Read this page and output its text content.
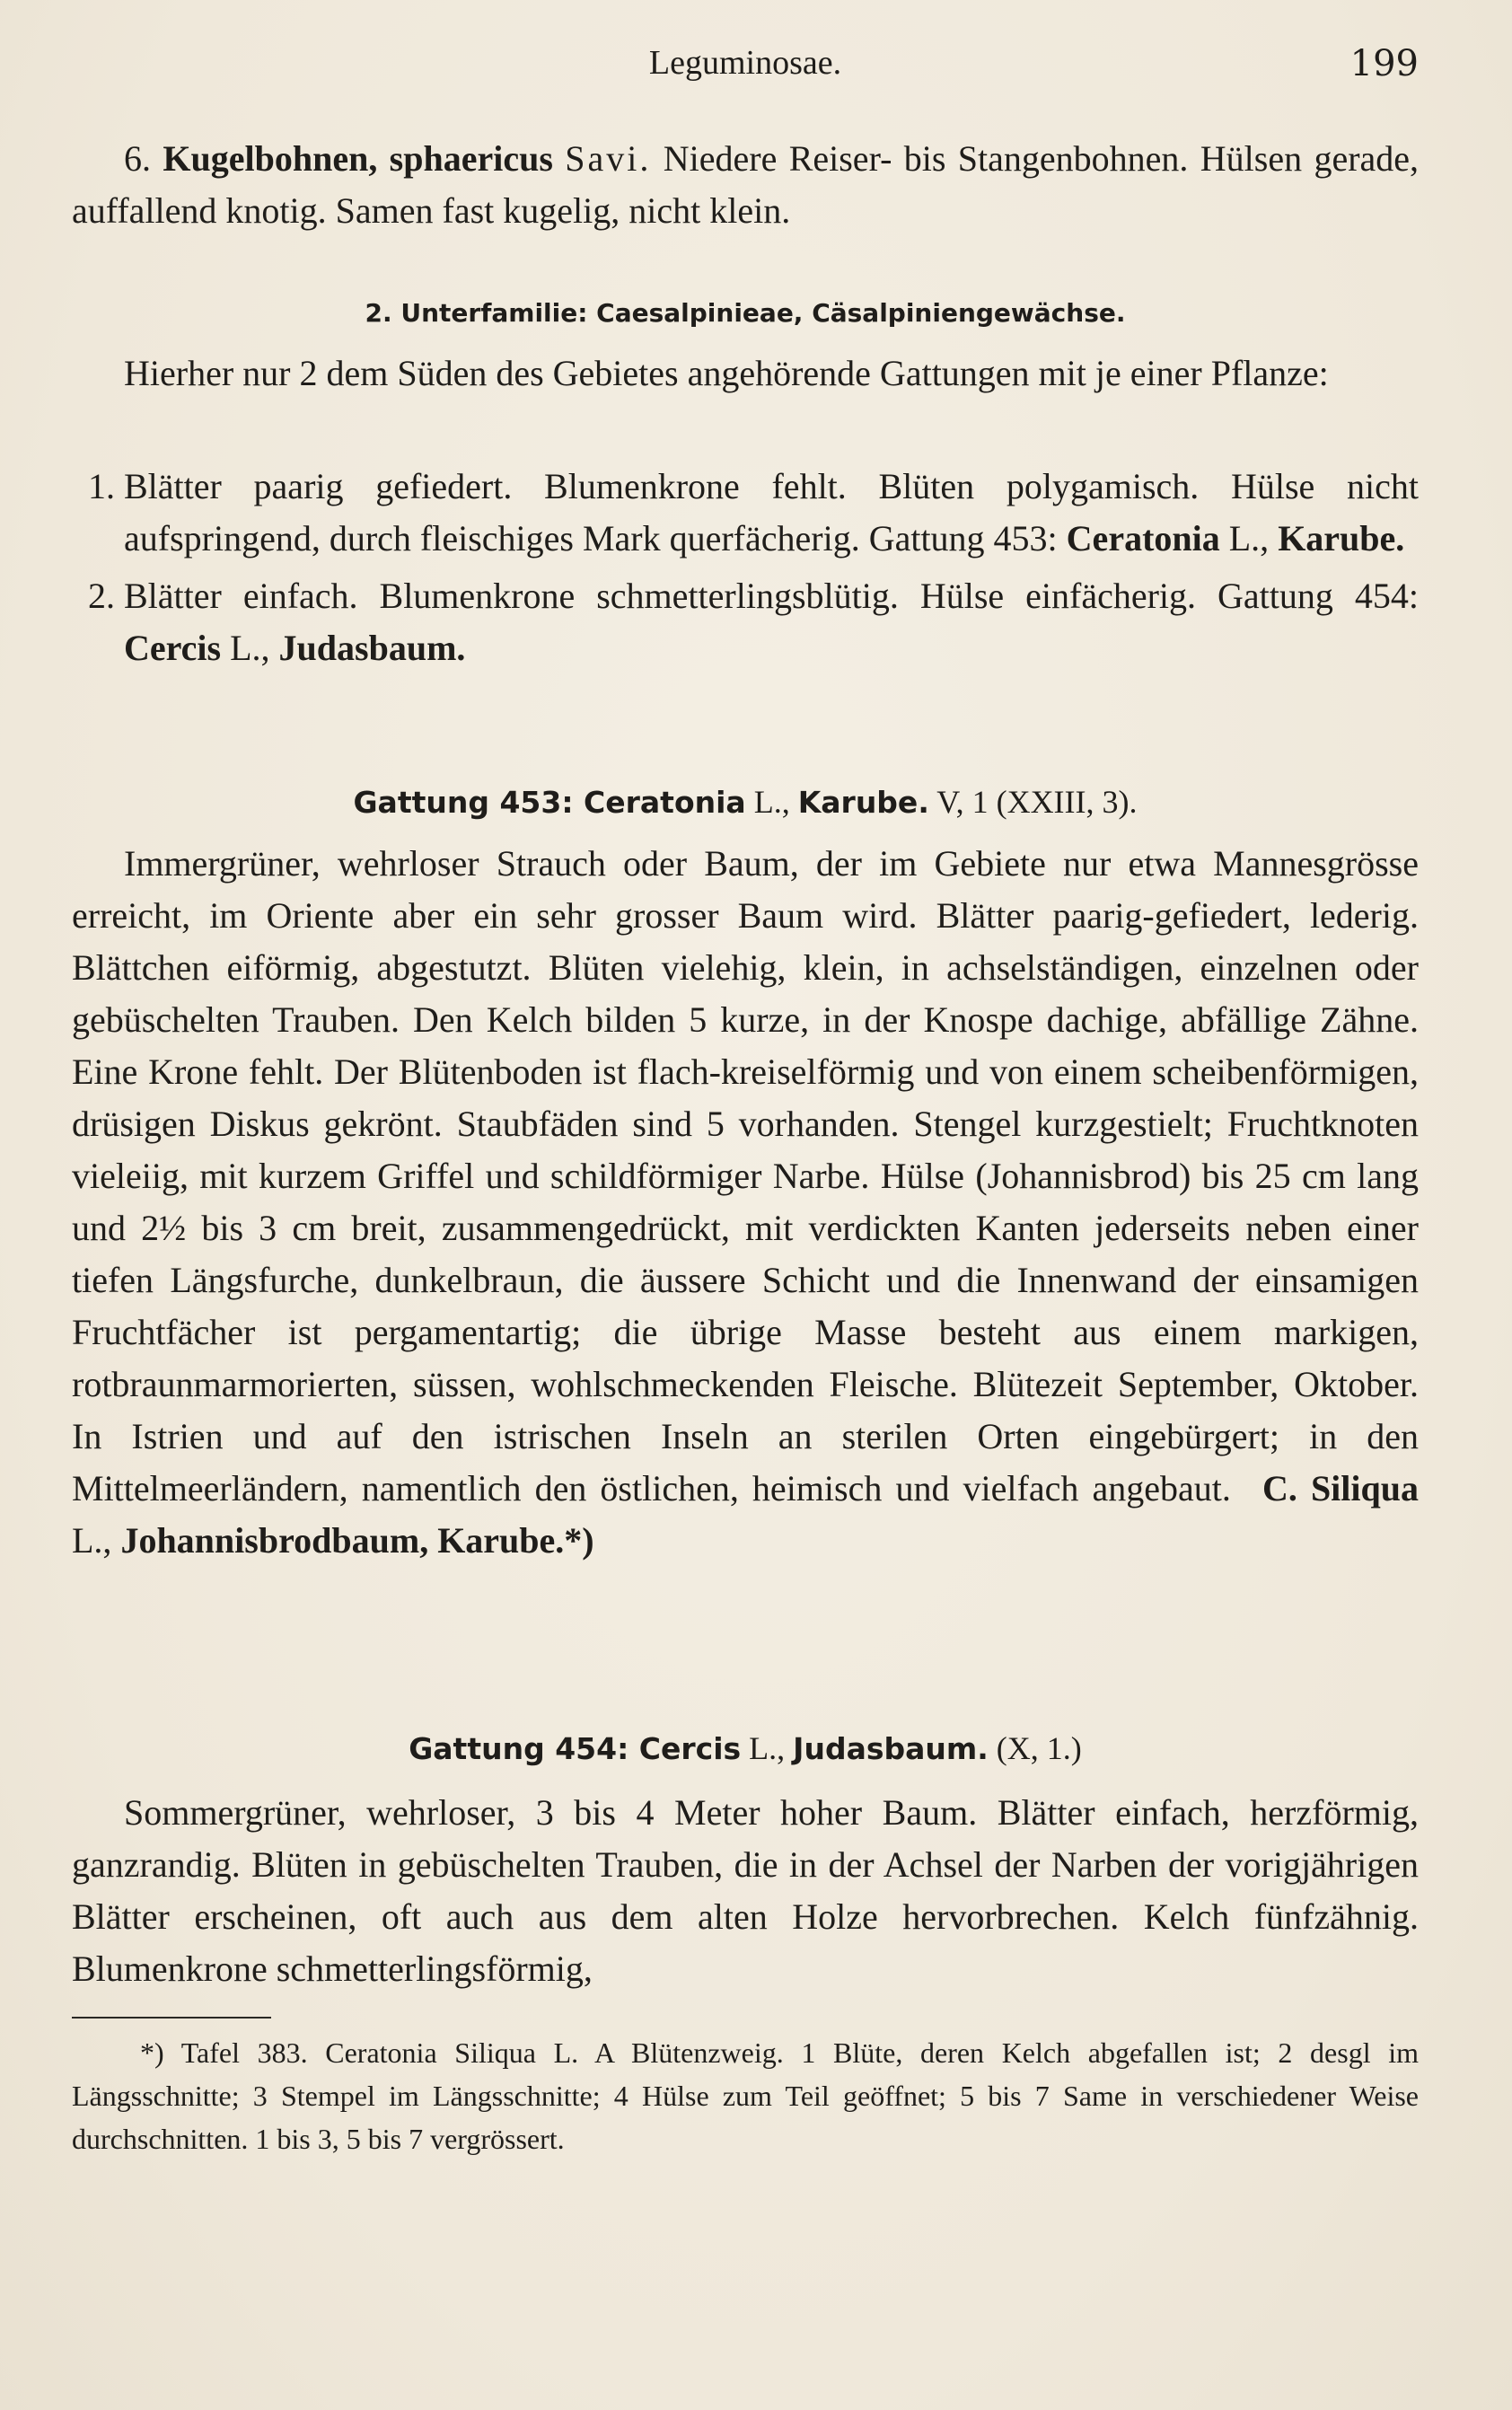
Leguminosae.	199

6. Kugelbohnen, sphaericus Savi. Niedere Reiser- bis Stangenbohnen. Hülsen gerade, auffallend knotig. Samen fast kugelig, nicht klein.

2. Unterfamilie: Caesalpinieae, Cäsalpiniengewächse.

Hierher nur 2 dem Süden des Gebietes angehörende Gattungen mit je einer Pflanze:

1. Blätter paarig gefiedert. Blumenkrone fehlt. Blüten polygamisch. Hülse nicht aufspringend, durch fleischiges Mark querfächerig. Gattung 453: Ceratonia L., Karube.
2. Blätter einfach. Blumenkrone schmetterlingsblütig. Hülse einfächerig. Gattung 454: Cercis L., Judasbaum.
Gattung 453: Ceratonia L., Karube. V, 1 (XXIII, 3).

Immergrüner, wehrloser Strauch oder Baum, der im Gebiete nur etwa Mannesgrösse erreicht, im Oriente aber ein sehr grosser Baum wird. Blätter paarig-gefiedert, lederig. Blättchen eiförmig, abgestutzt. Blüten vielehig, klein, in achselständigen, einzelnen oder gebüschelten Trauben. Den Kelch bilden 5 kurze, in der Knospe dachige, abfällige Zähne. Eine Krone fehlt. Der Blütenboden ist flach-kreiselförmig und von einem scheibenförmigen, drüsigen Diskus gekrönt. Staubfäden sind 5 vorhanden. Stengel kurzgestielt; Fruchtknoten vieleiig, mit kurzem Griffel und schildförmiger Narbe. Hülse (Johannisbrod) bis 25 cm lang und 2½ bis 3 cm breit, zusammengedrückt, mit verdickten Kanten jederseits neben einer tiefen Längsfurche, dunkelbraun, die äussere Schicht und die Innenwand der einsamigen Fruchtfächer ist pergamentartig; die übrige Masse besteht aus einem markigen, rotbraunmarmorierten, süssen, wohlschmeckenden Fleische. Blütezeit September, Oktober. In Istrien und auf den istrischen Inseln an sterilen Orten eingebürgert; in den Mittelmeerländern, namentlich den östlichen, heimisch und vielfach angebaut. C. Siliqua L., Johannisbrodbaum, Karube.*)

Gattung 454: Cercis L., Judasbaum. (X, 1.)

Sommergrüner, wehrloser, 3 bis 4 Meter hoher Baum. Blätter einfach, herzförmig, ganzrandig. Blüten in gebüschelten Trauben, die in der Achsel der Narben der vorigjährigen Blätter erscheinen, oft auch aus dem alten Holze hervorbrechen. Kelch fünfzähnig. Blumenkrone schmetterlingsförmig,

*) Tafel 383. Ceratonia Siliqua L. A Blütenzweig. 1 Blüte, deren Kelch abgefallen ist; 2 desgl im Längsschnitte; 3 Stempel im Längsschnitte; 4 Hülse zum Teil geöffnet; 5 bis 7 Same in verschiedener Weise durchschnitten. 1 bis 3, 5 bis 7 vergrössert.
